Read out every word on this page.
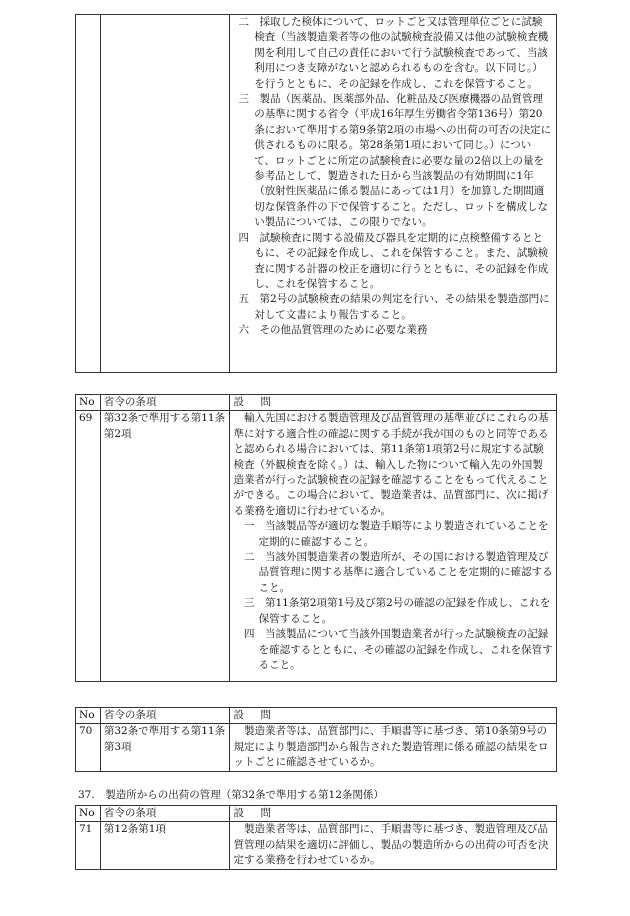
二　採取した検体について、ロットごと又は管理単位ごとに試験検査（当該製造業者等の他の試験検査設備又は他の試験検査機関を利用して自己の責任において行う試験検査であって、当該利用につき支障がないと認められるものを含む。以下同じ。）を行うとともに、その記録を作成し、これを保管すること。

三　製品（医薬品、医薬部外品、化粧品及び医療機器の品質管理の基準に関する省令（平成16年厚生労働省令第136号）第20条において準用する第9条第2項の市場への出荷の可否の決定に供されるものに限る。第28条第1項において同じ。）について、ロットごとに所定の試験検査に必要な量の2倍以上の量を参考品として、製造された日から当該製品の有効期間に1年（放射性医薬品に係る製品にあっては1月）を加算した期間適切な保管条件の下で保管すること。ただし、ロットを構成しない製品については、この限りでない。

四　試験検査に関する設備及び器具を定期的に点検整備するとともに、その記録を作成し、これを保管すること。また、試験検査に関する計器の校正を適切に行うとともに、その記録を作成し、これを保管すること。

五　第2号の試験検査の結果の判定を行い、その結果を製造部門に対して文書により報告すること。

六　その他品質管理のために必要な業務

No	省令の条項	設　問
69	第32条で準用する第11条第2項	輸入先国における製造管理及び品質管理の基準並びにこれらの基準に対する適合性の確認に関する手続が我が国のものと同等であると認められる場合においては、第11条第1項第2号に規定する試験検査（外観検査を除く。）は、輸入した物について輸入先の外国製造業者が行った試験検査の記録を確認することをもって代えることができる。この場合において、製造業者は、品質部門に、次に掲げる業務を適切に行わせているか。

一　当該製品等が適切な製造手順等により製造されていることを定期的に確認すること。

二　当該外国製造業者の製造所が、その国における製造管理及び品質管理に関する基準に適合していることを定期的に確認すること。

三　第11条第2項第1号及び第2号の確認の記録を作成し、これを保管すること。

四　当該製品について当該外国製造業者が行った試験検査の記録を確認するとともに、その確認の記録を作成し、これを保管すること。

No	省令の条項	設　問
70	第32条で準用する第11条第3項	製造業者等は、品質部門に、手順書等に基づき、第10条第9号の規定により製造部門から報告された製造管理に係る確認の結果をロットごとに確認させているか。

37.　製造所からの出荷の管理（第32条で準用する第12条関係）

No	省令の条項	設　問
71	第12条第1項	製造業者等は、品質部門に、手順書等に基づき、製造管理及び品質管理の結果を適切に評価し、製品の製造所からの出荷の可否を決定する業務を行わせているか。
